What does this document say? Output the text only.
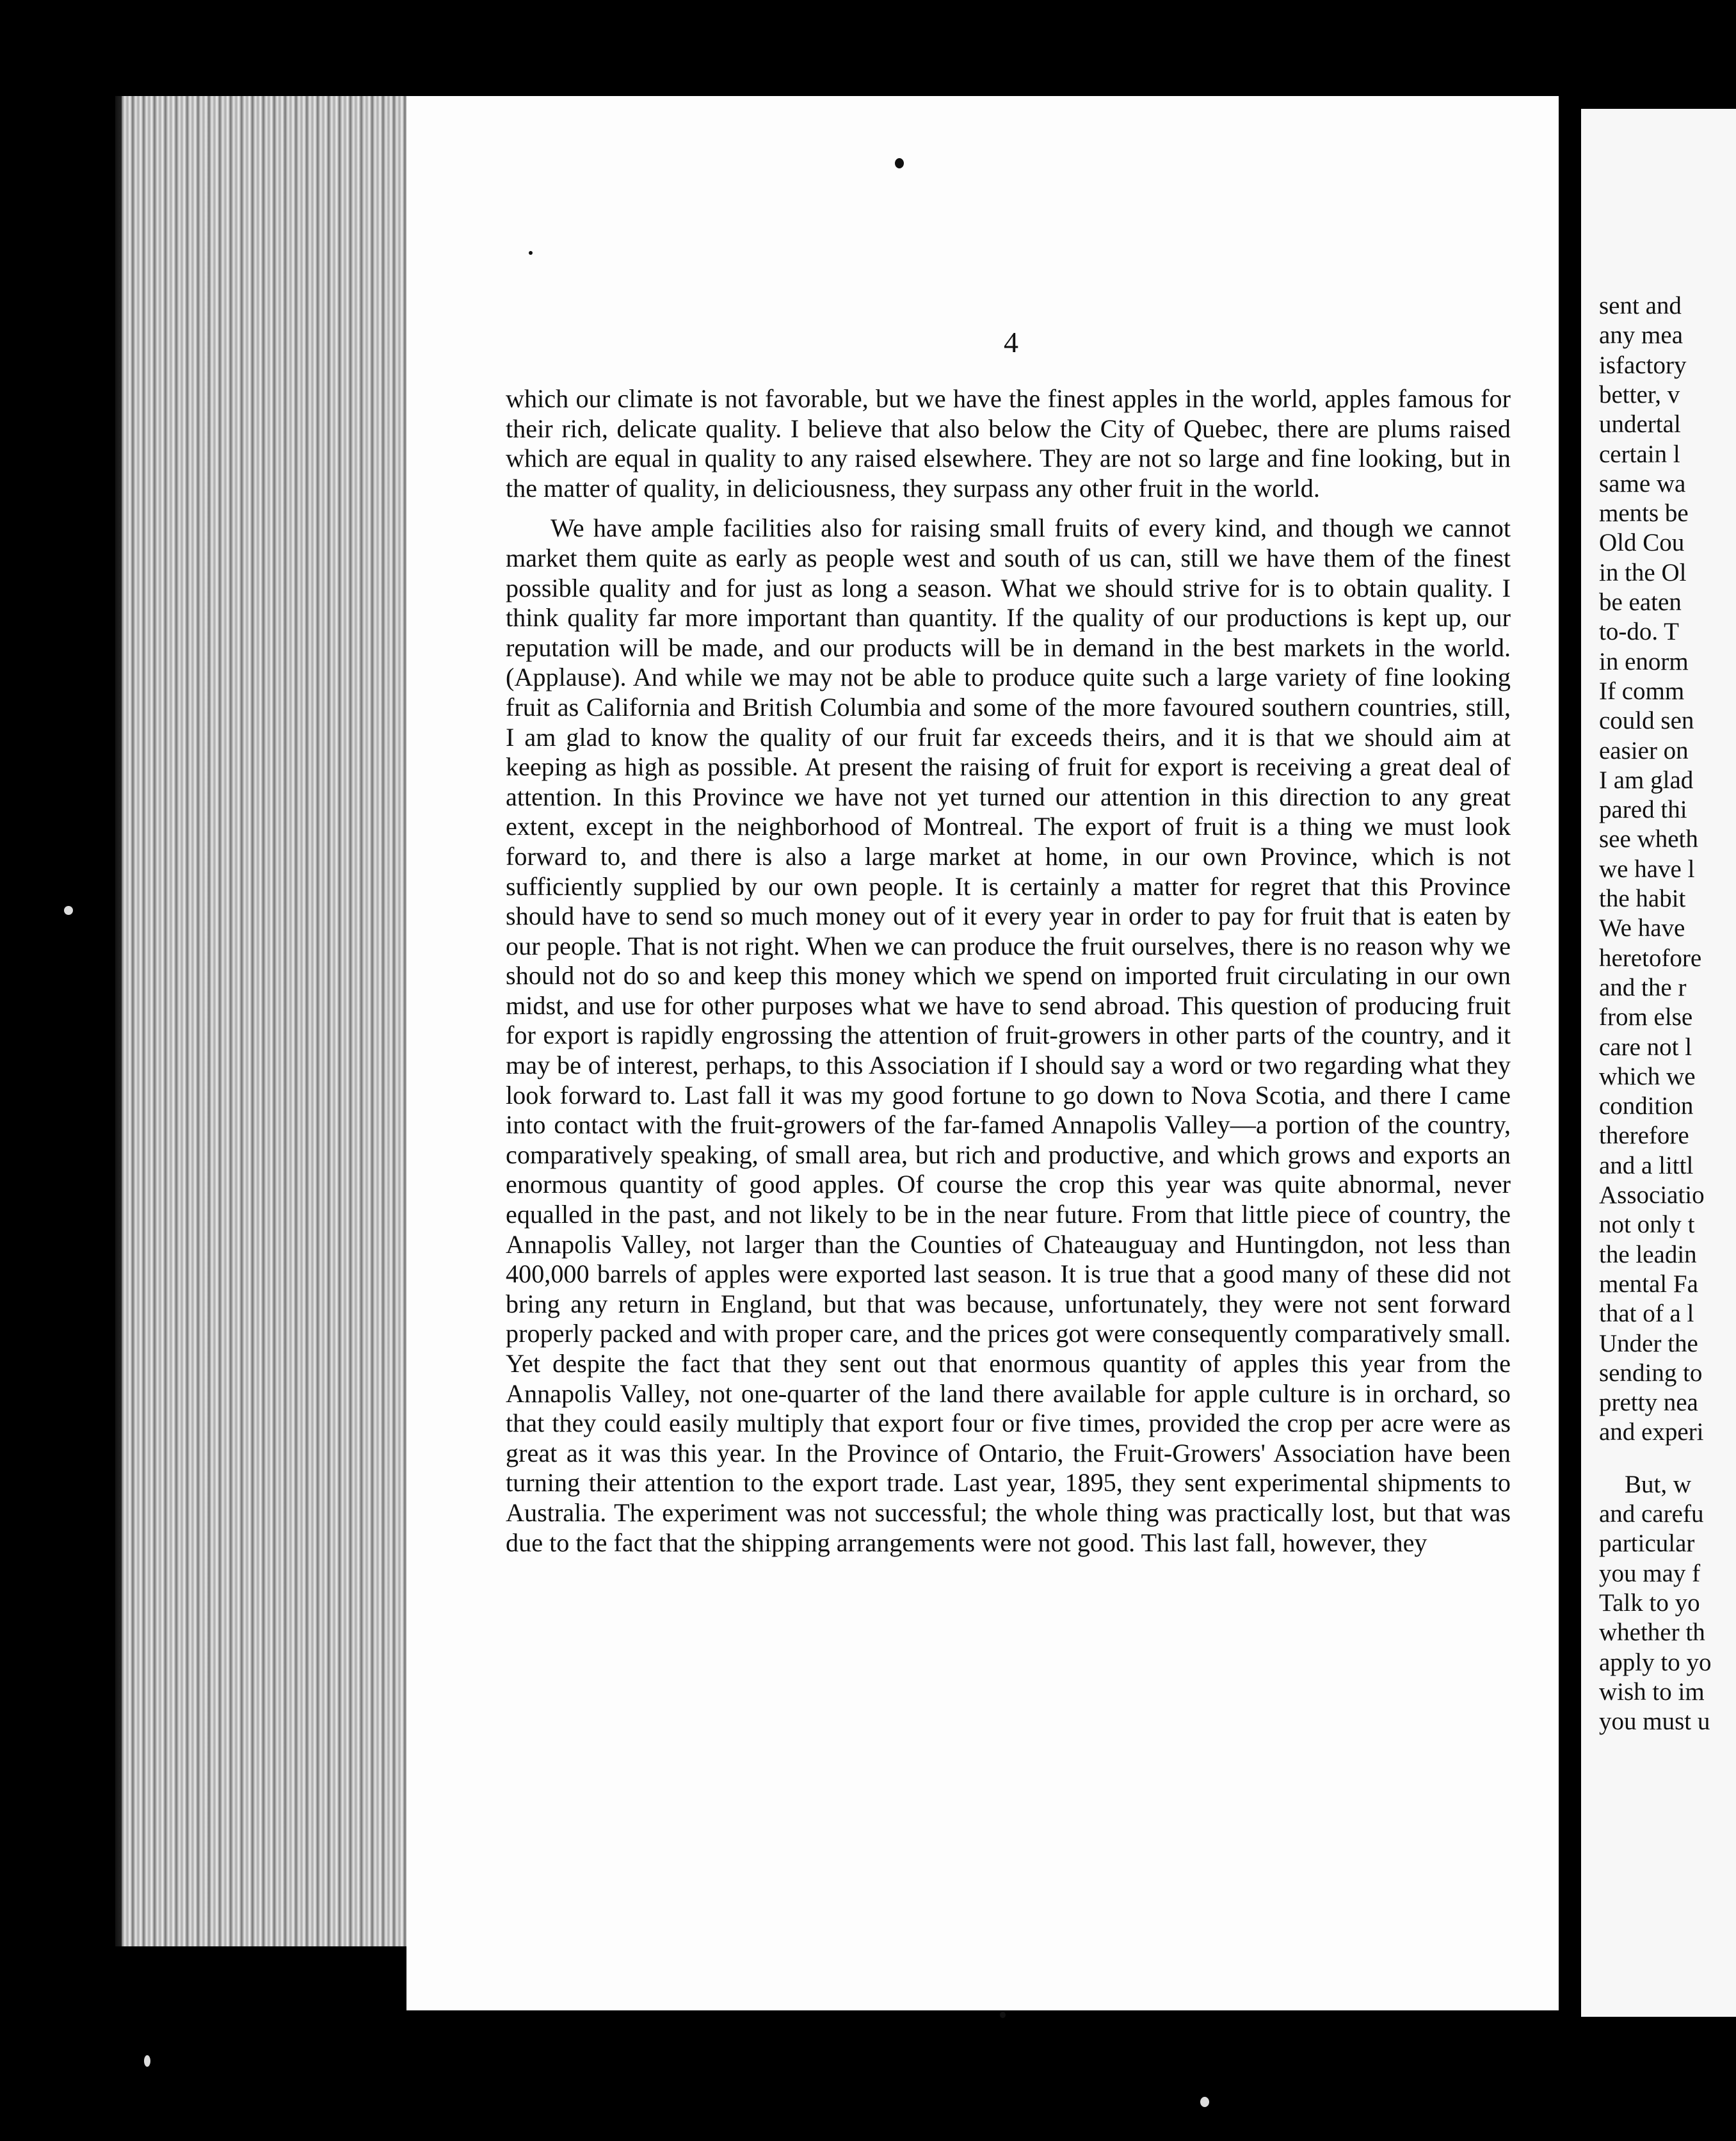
4

which our climate is not favorable, but we have the finest apples in the world, apples famous for their rich, delicate quality. I believe that also below the City of Quebec, there are plums raised which are equal in quality to any raised elsewhere. They are not so large and fine looking, but in the matter of quality, in deliciousness, they surpass any other fruit in the world.

We have ample facilities also for raising small fruits of every kind, and though we cannot market them quite as early as people west and south of us can, still we have them of the finest possible quality and for just as long a season. What we should strive for is to obtain quality. I think quality far more important than quantity. If the quality of our productions is kept up, our reputation will be made, and our products will be in demand in the best markets in the world. (Applause). And while we may not be able to produce quite such a large variety of fine looking fruit as California and British Columbia and some of the more favoured southern countries, still, I am glad to know the quality of our fruit far exceeds theirs, and it is that we should aim at keeping as high as possible. At present the raising of fruit for export is receiving a great deal of attention. In this Province we have not yet turned our attention in this direction to any great extent, except in the neighborhood of Montreal. The export of fruit is a thing we must look forward to, and there is also a large market at home, in our own Province, which is not sufficiently supplied by our own people. It is certainly a matter for regret that this Province should have to send so much money out of it every year in order to pay for fruit that is eaten by our people. That is not right. When we can produce the fruit ourselves, there is no reason why we should not do so and keep this money which we spend on imported fruit circulating in our own midst, and use for other purposes what we have to send abroad. This question of producing fruit for export is rapidly engrossing the attention of fruit-growers in other parts of the country, and it may be of interest, perhaps, to this Association if I should say a word or two regarding what they look forward to. Last fall it was my good fortune to go down to Nova Scotia, and there I came into contact with the fruit-growers of the far-famed Annapolis Valley—a portion of the country, comparatively speaking, of small area, but rich and productive, and which grows and exports an enormous quantity of good apples. Of course the crop this year was quite abnormal, never equalled in the past, and not likely to be in the near future. From that little piece of country, the Annapolis Valley, not larger than the Counties of Chateauguay and Huntingdon, not less than 400,000 barrels of apples were exported last season. It is true that a good many of these did not bring any return in England, but that was because, unfortunately, they were not sent forward properly packed and with proper care, and the prices got were consequently comparatively small. Yet despite the fact that they sent out that enormous quantity of apples this year from the Annapolis Valley, not one-quarter of the land there available for apple culture is in orchard, so that they could easily multiply that export four or five times, provided the crop per acre were as great as it was this year. In the Province of Ontario, the Fruit-Growers' Association have been turning their attention to the export trade. Last year, 1895, they sent experimental shipments to Australia. The experiment was not successful; the whole thing was practically lost, but that was due to the fact that the shipping arrangements were not good. This last fall, however, they

sent and
any mea
isfactory
better, v
undertal
certain l
same wa
ments be
Old Cou
in the Ol
be eaten
to-do. T
in enorm
If comm
could sen
easier on
I am glad
pared thi
see wheth
we have l
the habit
We have
heretofore
and the r
from else
care not l
which we
condition
therefore
and a littl
Associatio
not only t
the leadin
mental Fa
that of a l
Under the
sending to
pretty nea
and experi
But, w
and carefu
particular
you may f
Talk to yo
whether th
apply to yo
wish to im
you must u
